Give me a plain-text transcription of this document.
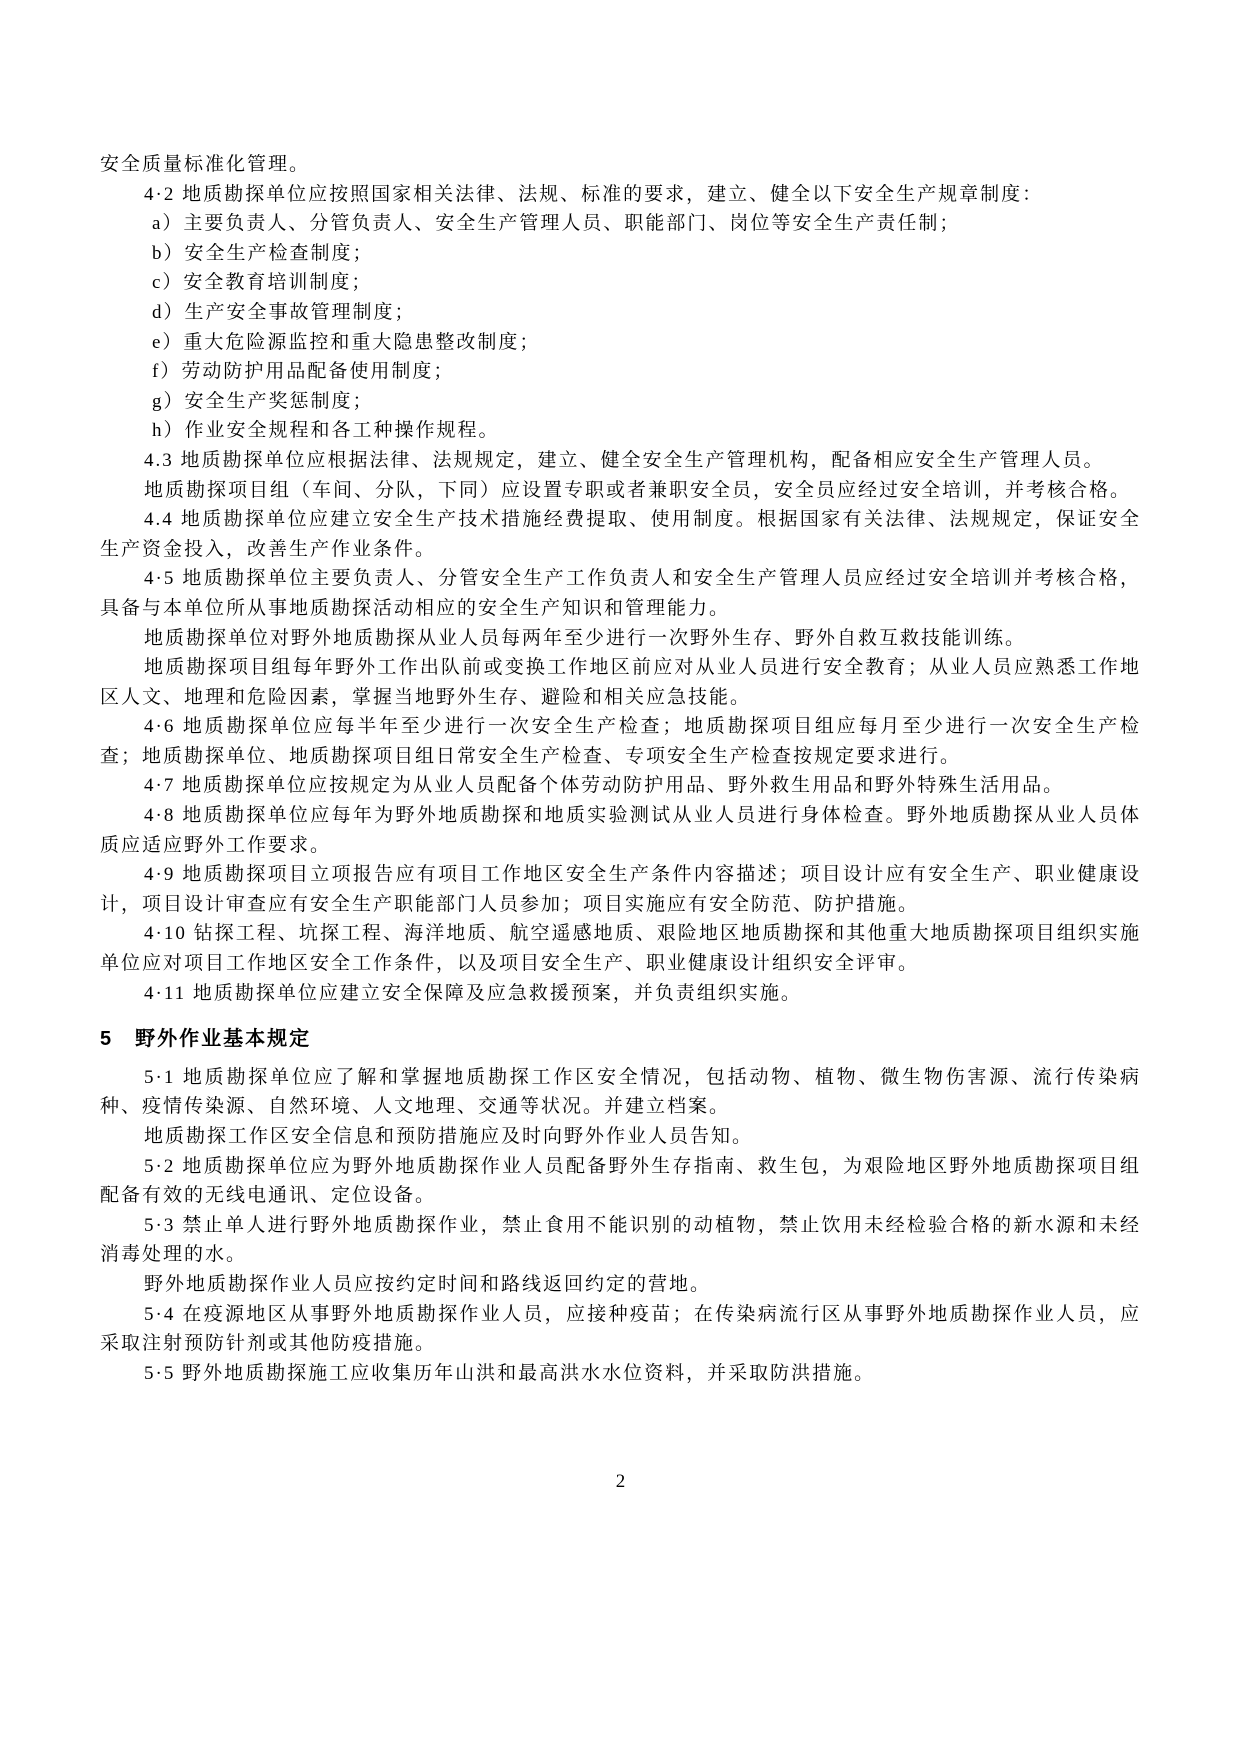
安全质量标准化管理。

4·2 地质勘探单位应按照国家相关法律、法规、标准的要求，建立、健全以下安全生产规章制度：

a）主要负责人、分管负责人、安全生产管理人员、职能部门、岗位等安全生产责任制；

b）安全生产检查制度；

c）安全教育培训制度；

d）生产安全事故管理制度；

e）重大危险源监控和重大隐患整改制度；

f）劳动防护用品配备使用制度；

g）安全生产奖惩制度；

h）作业安全规程和各工种操作规程。

4.3 地质勘探单位应根据法律、法规规定，建立、健全安全生产管理机构，配备相应安全生产管理人员。

地质勘探项目组（车间、分队，下同）应设置专职或者兼职安全员，安全员应经过安全培训，并考核合格。

4.4 地质勘探单位应建立安全生产技术措施经费提取、使用制度。根据国家有关法律、法规规定，保证安全生产资金投入，改善生产作业条件。

4·5 地质勘探单位主要负责人、分管安全生产工作负责人和安全生产管理人员应经过安全培训并考核合格，具备与本单位所从事地质勘探活动相应的安全生产知识和管理能力。

地质勘探单位对野外地质勘探从业人员每两年至少进行一次野外生存、野外自救互救技能训练。

地质勘探项目组每年野外工作出队前或变换工作地区前应对从业人员进行安全教育；从业人员应熟悉工作地区人文、地理和危险因素，掌握当地野外生存、避险和相关应急技能。

4·6 地质勘探单位应每半年至少进行一次安全生产检查；地质勘探项目组应每月至少进行一次安全生产检查；地质勘探单位、地质勘探项目组日常安全生产检查、专项安全生产检查按规定要求进行。

4·7 地质勘探单位应按规定为从业人员配备个体劳动防护用品、野外救生用品和野外特殊生活用品。

4·8 地质勘探单位应每年为野外地质勘探和地质实验测试从业人员进行身体检查。野外地质勘探从业人员体质应适应野外工作要求。

4·9 地质勘探项目立项报告应有项目工作地区安全生产条件内容描述；项目设计应有安全生产、职业健康设计，项目设计审查应有安全生产职能部门人员参加；项目实施应有安全防范、防护措施。

4·10 钻探工程、坑探工程、海洋地质、航空遥感地质、艰险地区地质勘探和其他重大地质勘探项目组织实施单位应对项目工作地区安全工作条件，以及项目安全生产、职业健康设计组织安全评审。

4·11 地质勘探单位应建立安全保障及应急救援预案，并负责组织实施。

5　野外作业基本规定

5·1 地质勘探单位应了解和掌握地质勘探工作区安全情况，包括动物、植物、微生物伤害源、流行传染病种、疫情传染源、自然环境、人文地理、交通等状况。并建立档案。

地质勘探工作区安全信息和预防措施应及时向野外作业人员告知。

5·2 地质勘探单位应为野外地质勘探作业人员配备野外生存指南、救生包，为艰险地区野外地质勘探项目组配备有效的无线电通讯、定位设备。

5·3 禁止单人进行野外地质勘探作业，禁止食用不能识别的动植物，禁止饮用未经检验合格的新水源和未经消毒处理的水。

野外地质勘探作业人员应按约定时间和路线返回约定的营地。

5·4 在疫源地区从事野外地质勘探作业人员，应接种疫苗；在传染病流行区从事野外地质勘探作业人员，应采取注射预防针剂或其他防疫措施。

5·5 野外地质勘探施工应收集历年山洪和最高洪水水位资料，并采取防洪措施。

2
